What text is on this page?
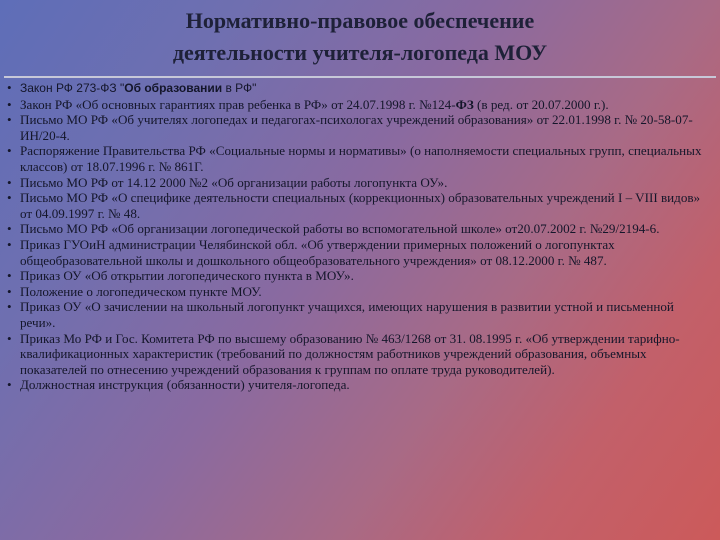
Нормативно-правовое обеспечение
деятельности учителя-логопеда МОУ
• Закон РФ 273-ФЗ "Об образовании в РФ"
• Закон РФ «Об основных гарантиях прав ребенка в РФ» от 24.07.1998 г. №124-ФЗ (в ред. от 20.07.2000 г.).
• Письмо МО РФ «Об учителях логопедах и педагогах-психологах учреждений образования» от 22.01.1998 г. № 20-58-07-ИН/20-4.
• Распоряжение Правительства РФ «Социальные нормы и нормативы» (о наполняемости специальных групп, специальных классов) от 18.07.1996 г. № 861Г.
• Письмо МО РФ от 14.12 2000 №2 «Об организации работы логопункта ОУ».
• Письмо МО РФ «О специфике деятельности специальных (коррекционных) образовательных учреждений I – VIII видов» от 04.09.1997 г. № 48.
• Письмо МО РФ «Об организации логопедической работы во вспомогательной школе» от20.07.2002 г. №29/2194-6.
• Приказ ГУОиН администрации Челябинской обл. «Об утверждении примерных положений о логопунктах общеобразовательной школы и дошкольного общеобразовательного учреждения» от 08.12.2000 г. № 487.
• Приказ ОУ «Об открытии логопедического пункта в МОУ».
• Положение о логопедическом пункте МОУ.
• Приказ ОУ «О зачислении на школьный логопункт учащихся, имеющих нарушения в развитии устной и письменной речи».
• Приказ Мо РФ и Гос. Комитета РФ по высшему образованию № 463/1268 от 31. 08.1995 г. «Об утверждении тарифно-квалификационных характеристик (требований по должностям работников учреждений образования, объемных показателей по отнесению учреждений образования к группам по оплате труда руководителей).
• Должностная инструкция (обязанности) учителя-логопеда.
